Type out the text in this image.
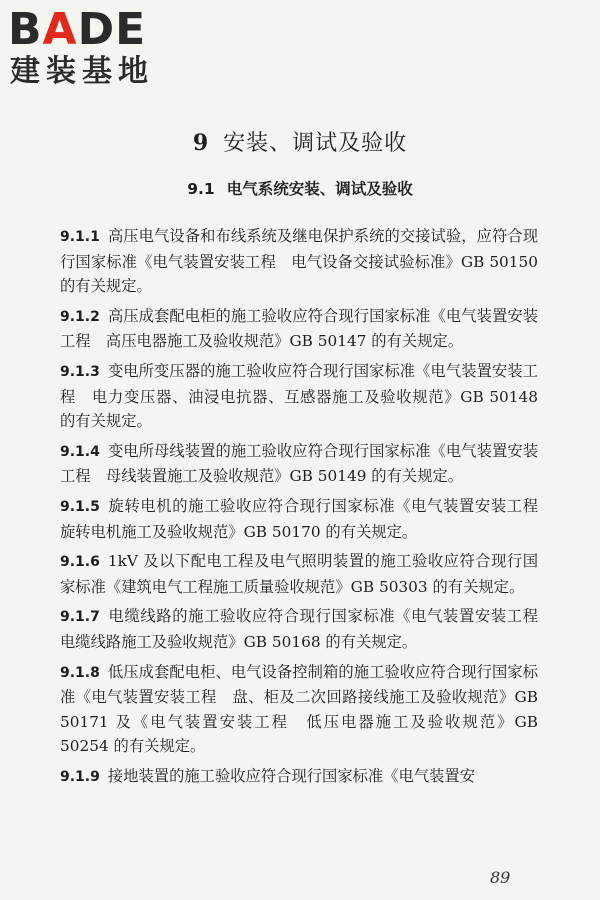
BADE
建装基地
9 安装、调试及验收
9.1 电气系统安装、调试及验收

9.1.1 高压电气设备和布线系统及继电保护系统的交接试验，应符合现行国家标准《电气装置安装工程　电气设备交接试验标准》GB 50150 的有关规定。

9.1.2 高压成套配电柜的施工验收应符合现行国家标准《电气装置安装工程　高压电器施工及验收规范》GB 50147 的有关规定。

9.1.3 变电所变压器的施工验收应符合现行国家标准《电气装置安装工程　电力变压器、油浸电抗器、互感器施工及验收规范》GB 50148 的有关规定。

9.1.4 变电所母线装置的施工验收应符合现行国家标准《电气装置安装工程　母线装置施工及验收规范》GB 50149 的有关规定。

9.1.5 旋转电机的施工验收应符合现行国家标准《电气装置安装工程　旋转电机施工及验收规范》GB 50170 的有关规定。

9.1.6 1kV 及以下配电工程及电气照明装置的施工验收应符合现行国家标准《建筑电气工程施工质量验收规范》GB 50303 的有关规定。

9.1.7 电缆线路的施工验收应符合现行国家标准《电气装置安装工程　电缆线路施工及验收规范》GB 50168 的有关规定。

9.1.8 低压成套配电柜、电气设备控制箱的施工验收应符合现行国家标准《电气装置安装工程　盘、柜及二次回路接线施工及验收规范》GB 50171 及《电气装置安装工程　低压电器施工及验收规范》GB 50254 的有关规定。

9.1.9 接地装置的施工验收应符合现行国家标准《电气装置安

89
